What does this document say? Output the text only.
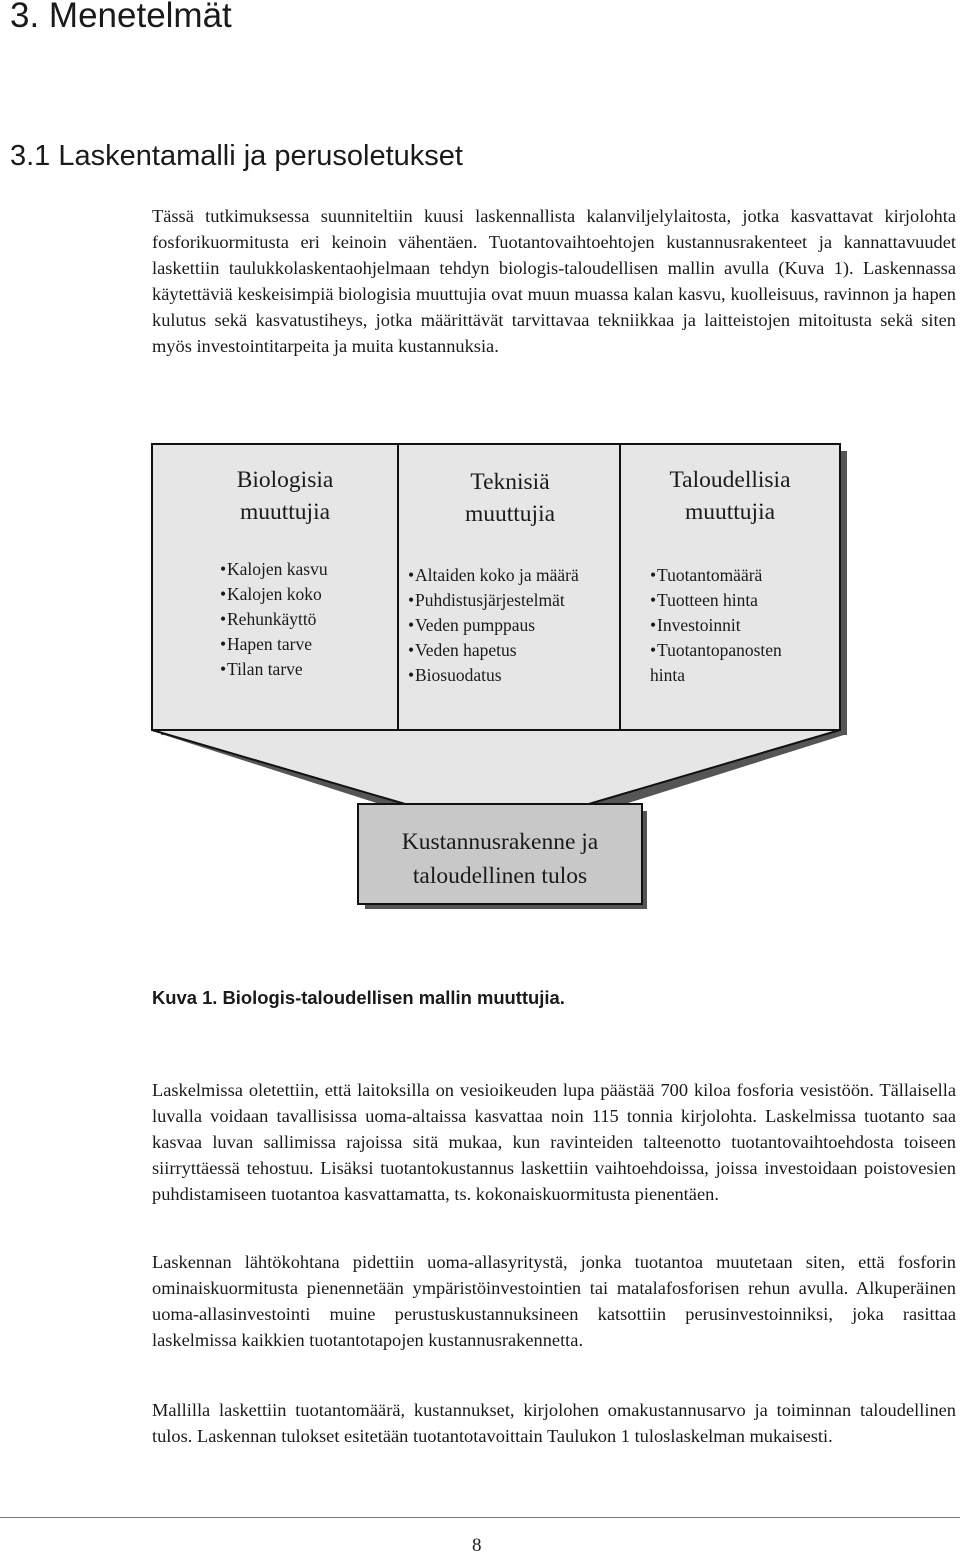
3. Menetelmät
3.1 Laskentamalli ja perusoletukset

Tässä tutkimuksessa suunniteltiin kuusi laskennallista kalanviljelylaitosta, jotka kasvattavat kirjolohta fosforikuormitusta eri keinoin vähentäen. Tuotantovaihtoehtojen kustannusrakenteet ja kannattavuudet laskettiin taulukkolaskentaohjelmaan tehdyn biologis-taloudellisen mallin avulla (Kuva 1). Laskennassa käytettäviä keskeisimpiä biologisia muuttujia ovat muun muassa kalan kasvu, kuolleisuus, ravinnon ja hapen kulutus sekä kasvatustiheys, jotka määrittävät tarvittavaa tekniikkaa ja laitteistojen mitoitusta sekä siten myös investointitarpeita ja muita kustannuksia.

Biologisia
muuttujia
•Kalojen kasvu
•Kalojen koko
•Rehunkäyttö
•Hapen tarve
•Tilan tarve
Teknisiä
muuttujia
•Altaiden koko ja määrä
•Puhdistusjärjestelmät
•Veden pumppaus
•Veden hapetus
•Biosuodatus
Taloudellisia
muuttujia
•Tuotantomäärä
•Tuotteen hinta
•Investoinnit
•Tuotantopanosten
hinta
Kustannusrakenne ja
taloudellinen tulos

Kuva 1. Biologis-taloudellisen mallin muuttujia.

Laskelmissa oletettiin, että laitoksilla on vesioikeuden lupa päästää 700 kiloa fosforia vesistöön. Tällaisella luvalla voidaan tavallisissa uoma-altaissa kasvattaa noin 115 tonnia kirjolohta. Laskelmissa tuotanto saa kasvaa luvan sallimissa rajoissa sitä mukaa, kun ravinteiden talteenotto tuotantovaihtoehdosta toiseen siirryttäessä tehostuu. Lisäksi tuotantokustannus laskettiin vaihtoehdoissa, joissa investoidaan poistovesien puhdistamiseen tuotantoa kasvattamatta, ts. kokonaiskuormitusta pienentäen.

Laskennan lähtökohtana pidettiin uoma-allasyritystä, jonka tuotantoa muutetaan siten, että fosforin ominaiskuormitusta pienennetään ympäristöinvestointien tai matalafosforisen rehun avulla. Alkuperäinen uoma-allasinvestointi muine perustuskustannuksineen katsottiin perusinvestoinniksi, joka rasittaa laskelmissa kaikkien tuotantotapojen kustannusrakennetta.

Mallilla laskettiin tuotantomäärä, kustannukset, kirjolohen omakustannusarvo ja toiminnan taloudellinen tulos. Laskennan tulokset esitetään tuotantotavoittain Taulukon 1 tuloslaskelman mukaisesti.

8
